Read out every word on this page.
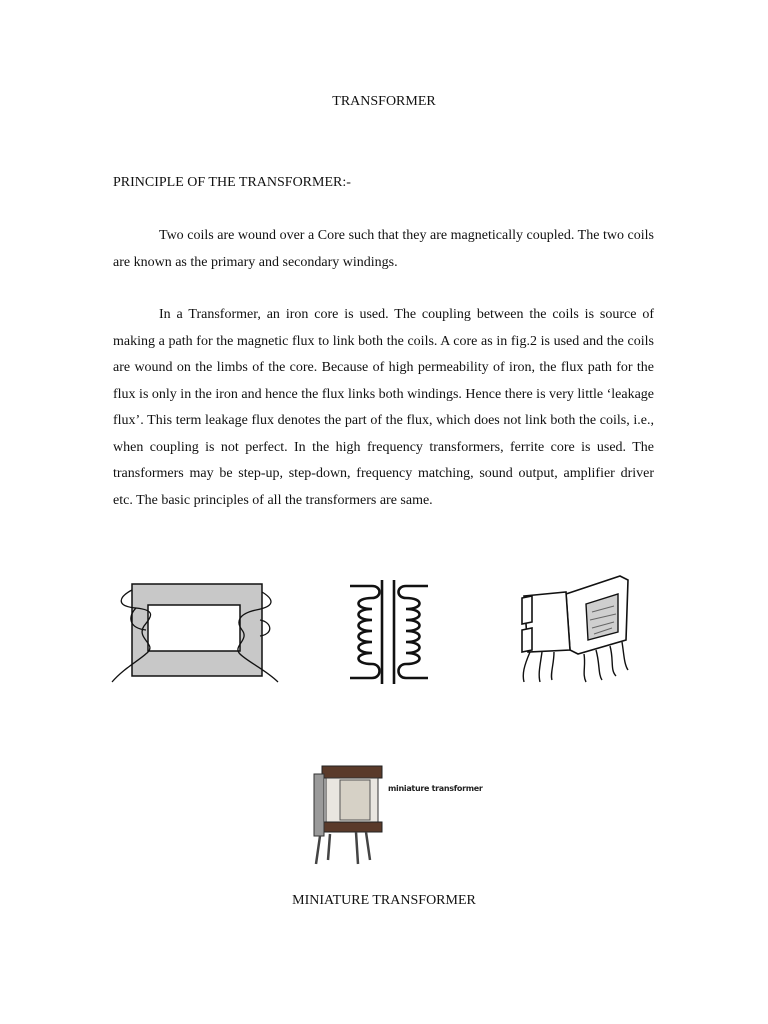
TRANSFORMER
PRINCIPLE OF THE TRANSFORMER:-

Two coils are wound over a Core such that they are magnetically coupled. The two coils are known as the primary and secondary windings.

In a Transformer, an iron core is used. The coupling between the coils is source of making a path for the magnetic flux to link both the coils. A core as in fig.2 is used and the coils are wound on the limbs of the core. Because of high permeability of iron, the flux path for the flux is only in the iron and hence the flux links both windings. Hence there is very little ‘leakage flux’. This term leakage flux denotes the part of the flux, which does not link both the coils, i.e., when coupling is not perfect. In the high frequency transformers, ferrite core is used. The transformers may be step-up, step-down, frequency matching, sound output, amplifier driver etc. The basic principles of all the transformers are same.

miniature transformer
MINIATURE TRANSFORMER
